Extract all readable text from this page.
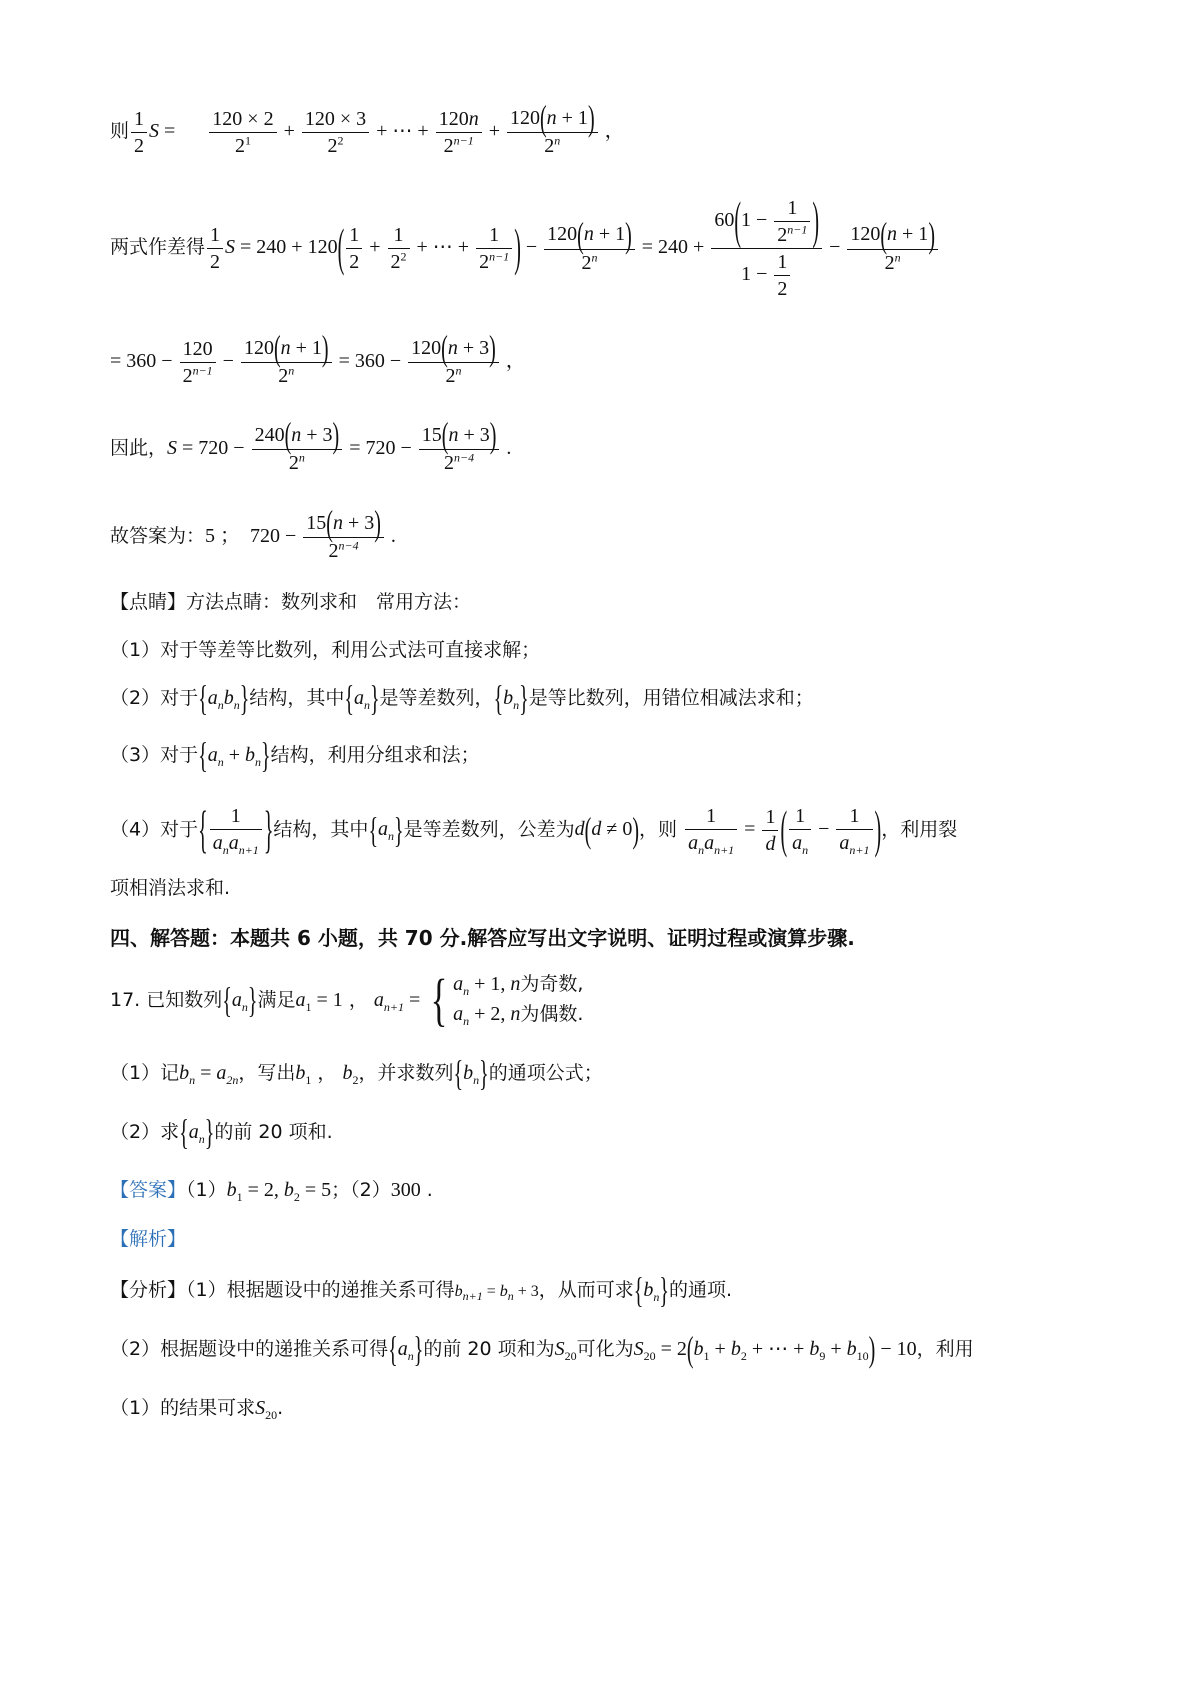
则 $\frac{1}{2}$ $S = \frac{120 \times 2}{2^1} + \frac{120 \times 3}{2^2}$ + ⋯ + $\frac{120n}{2^{n-1}} + \frac{120(n + 1)}{2^n}$ ，
两式作差得 $\frac{1}{2}$ $S = 240 + 120( \frac{1}{2} + \frac{1}{2^2}$ + ⋯ + $\frac{1}{2^{n-1}}$ ) − $\frac{120(n + 1)}{2^n} = 240 + \frac{60(1 - \frac{1}{2^{n-1}} )}{1 - \frac{1}{2}} - \frac{120(n + 1)}{2^n}$
= $360 - \frac{120}{2^{n-1}} - \frac{120(n + 1)}{2^n} = 360 - \frac{120(n + 3)}{2^n}$ ，
因此，$S = 720 - \frac{240(n + 3)}{2^n} = 720 - \frac{15(n + 3)}{2^{n-4}}$ .
故答案为：5 ；　$720 - \frac{15(n + 3)}{2^{n-4}}$ .
【点睛】方法点睛：数列求和　常用方法：
（1）对于等差等比数列，利用公式法可直接求解；
（2）对于$\{a_nb_n\}$结构，其中$\{a_n\}$是等差数列，$\{b_n\}$是等比数列，用错位相减法求和；
（3）对于$\{a_n + b_n\}$结构，利用分组求和法；
（4）对于{	1
$a_na_{n+1}$ }结构，其中$\{a_n\}$是等差数列，公差为d(d ≠ 0)，则
1
$a_na_{n+1}$
= $\frac{1}{d}$ ( $\frac{1}{a_n} - \frac{1}{a_{n+1}}$ )，利用裂
项相消法求和.
四、解答题：本题共 6 小题，共 70 分.解答应写出文字说明、证明过程或演算步骤.
17. 已知数列$\{a_n\}$满足$a_1 = 1$ ， $a_{n+1}$ = { $a_n + 1$, n为奇数,
$a_n + 2$, n为偶数.
（1）记$b_n = a_{2n}$，写出$b_1$ ， $b_2$，并求数列$\{b_n\}$的通项公式；
（2）求$\{a_n\}$的前 20 项和.
【答案】$(1)b_1 = 2$, $b_2 = 5$；（2）300 .
【解析】
【分析】（1）根据题设中的递推关系可得$b_{n+1} = b_n + 3$，从而可求$\{b_n\}$的通项.
（2）根据题设中的递推关系可得$\{a_n\}$的前 20 项和为$S_{20}$可化为$S_{20} = 2(b_1 + b_2$ + ⋯ + $b_9 + b_{10}) - 10$，利用
（1）的结果可求$S_{20}$.
